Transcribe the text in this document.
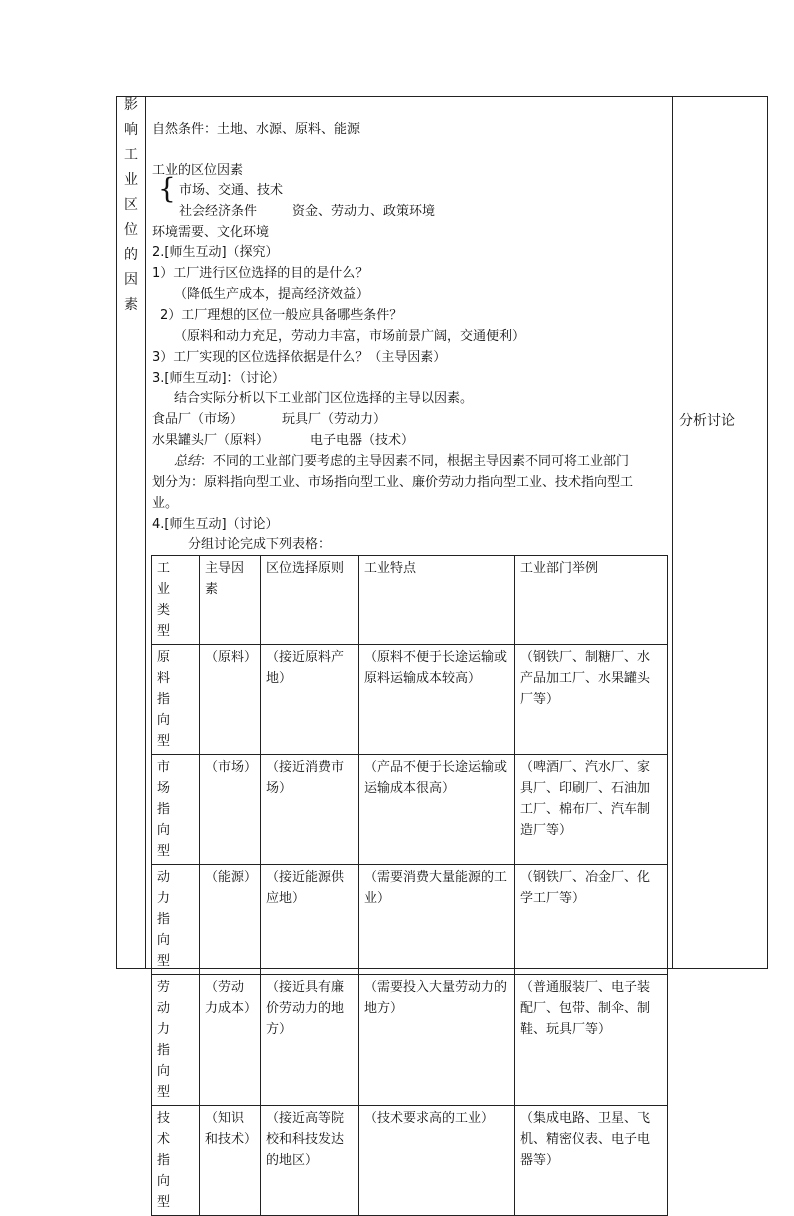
影
响
工
业
区
位
的
因
素
自然条件：土地、水源、原料、能源
工业的区位因素
{ 市场、交通、技术
社会经济条件	资金、劳动力、政策环境
环境需要、文化环境
2.[师生互动]（探究）
1）工厂进行区位选择的目的是什么？
（降低生产成本，提高经济效益）
2）工厂理想的区位一般应具备哪些条件？
（原料和动力充足，劳动力丰富，市场前景广阔，交通便利）
3）工厂实现的区位选择依据是什么？（主导因素）
3.[师生互动]：（讨论）
结合实际分析以下工业部门区位选择的主导以因素。
食品厂（市场）	玩具厂（劳动力）
水果罐头厂（原料）	电子电器（技术）
总结：不同的工业部门要考虑的主导因素不同，根据主导因素不同可将工业部门
划分为：原料指向型工业、市场指向型工业、廉价劳动力指向型工业、技术指向型工
业。
4.[师生互动]（讨论）
分组讨论完成下列表格：
工 业 类型	主导因素	区位选择原则	工业特点	工业部门举例
原 料 指 向 型	（原料）	（接近原料产地）	（原料不便于长途运输或原料运输成本较高）	（钢铁厂、制糖厂、水产品加工厂、水果罐头厂等）
市 场 指 向 型	（市场）	（接近消费市场）	（产品不便于长途运输或运输成本很高）	（啤酒厂、汽水厂、家具厂、印刷厂、石油加工厂、棉布厂、汽车制造厂等）
动 力 指 向 型	（能源）	（接近能源供应地）	（需要消费大量能源的工业）	（钢铁厂、冶金厂、化学工厂等）
劳 动 力 指 向型	（劳动力成本）	（接近具有廉价劳动力的地方）	（需要投入大量劳动力的地方）	（普通服装厂、电子装配厂、包带、制伞、制鞋、玩具厂等）
技 术 指 向 型	（知识和技术）	（接近高等院校和科技发达的地区）	（技术要求高的工业）	（集成电路、卫星、飞机、精密仪表、电子电器等）
分析讨论
